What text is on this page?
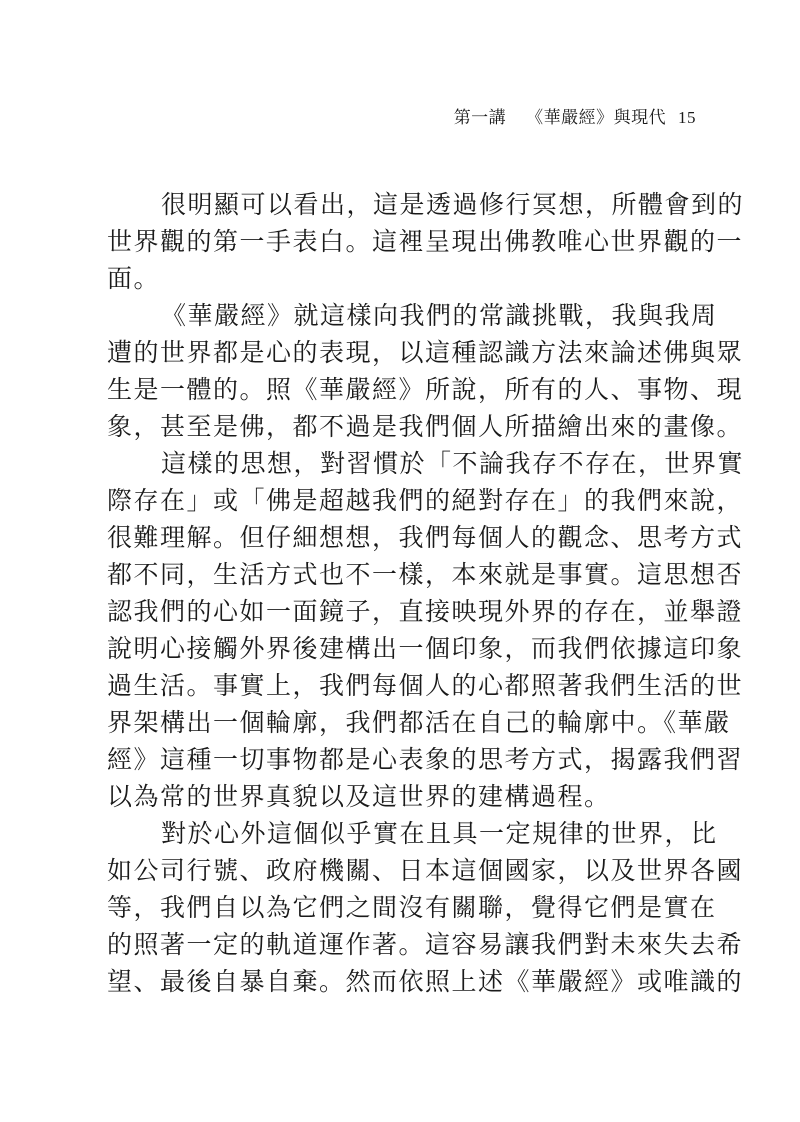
第一講 《華嚴經》與現代 15

很明顯可以看出，這是透過修行冥想，所體會到的
世界觀的第一手表白。這裡呈現出佛教唯心世界觀的一
面。

《華嚴經》就這樣向我們的常識挑戰，我與我周
遭的世界都是心的表現，以這種認識方法來論述佛與眾
生是一體的。照《華嚴經》所說，所有的人、事物、現
象，甚至是佛，都不過是我們個人所描繪出來的畫像。

這樣的思想，對習慣於「不論我存不存在，世界實
際存在」或「佛是超越我們的絕對存在」的我們來說，
很難理解。但仔細想想，我們每個人的觀念、思考方式
都不同，生活方式也不一樣，本來就是事實。這思想否
認我們的心如一面鏡子，直接映現外界的存在，並舉證
說明心接觸外界後建構出一個印象，而我們依據這印象
過生活。事實上，我們每個人的心都照著我們生活的世
界架構出一個輪廓，我們都活在自己的輪廓中。《華嚴
經》這種一切事物都是心表象的思考方式，揭露我們習
以為常的世界真貌以及這世界的建構過程。

對於心外這個似乎實在且具一定規律的世界，比
如公司行號、政府機關、日本這個國家，以及世界各國
等，我們自以為它們之間沒有關聯，覺得它們是實在
的照著一定的軌道運作著。這容易讓我們對未來失去希
望、最後自暴自棄。然而依照上述《華嚴經》或唯識的
